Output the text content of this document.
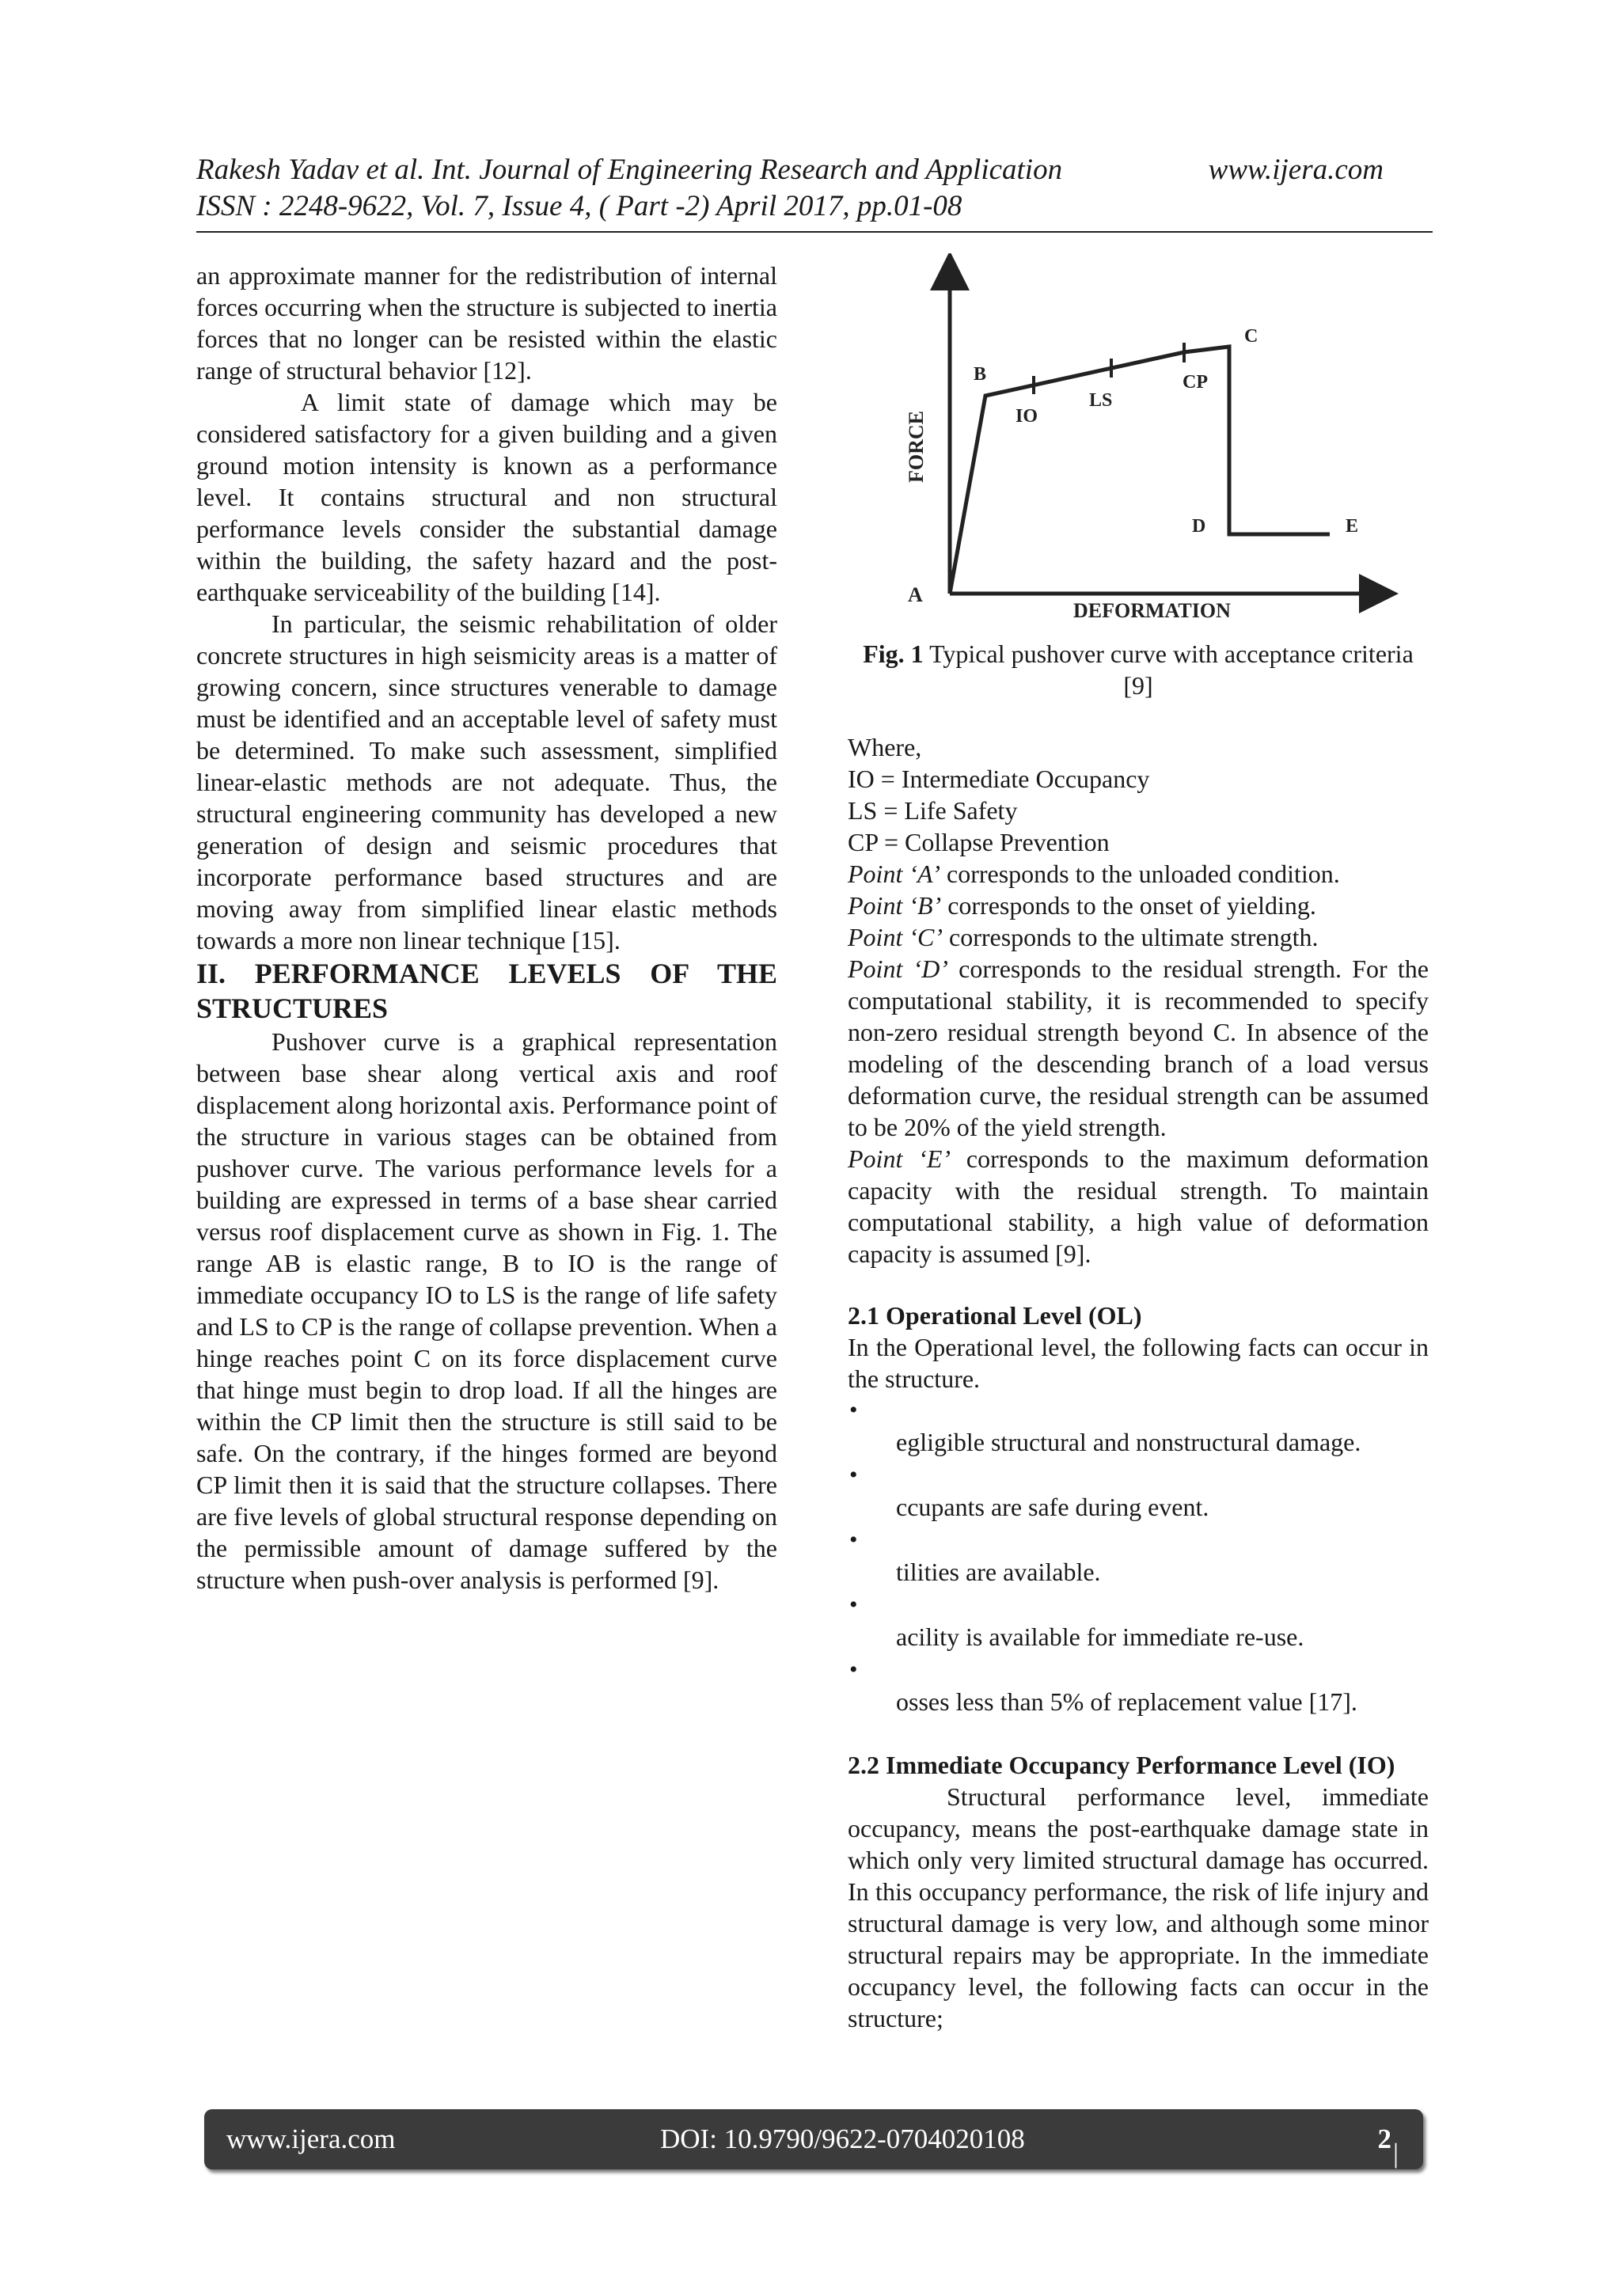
Rakesh Yadav et al. Int. Journal of Engineering Research and Application	www.ijera.com
ISSN : 2248-9622, Vol. 7, Issue 4, ( Part -2) April 2017, pp.01-08

an approximate manner for the redistribution of internal forces occurring when the structure is subjected to inertia forces that no longer can be resisted within the elastic range of structural behavior [12].

A limit state of damage which may be considered satisfactory for a given building and a given ground motion intensity is known as a performance level. It contains structural and non structural performance levels consider the substantial damage within the building, the safety hazard and the post-earthquake serviceability of the building [14].

In particular, the seismic rehabilitation of older concrete structures in high seismicity areas is a matter of growing concern, since structures venerable to damage must be identified and an acceptable level of safety must be determined. To make such assessment, simplified linear-elastic methods are not adequate. Thus, the structural engineering community has developed a new generation of design and seismic procedures that incorporate performance based structures and are moving away from simplified linear elastic methods towards a more non linear technique [15].

II. PERFORMANCE LEVELS OF THE STRUCTURES

Pushover curve is a graphical representation between base shear along vertical axis and roof displacement along horizontal axis. Performance point of the structure in various stages can be obtained from pushover curve. The various performance levels for a building are expressed in terms of a base shear carried versus roof displacement curve as shown in Fig. 1. The range AB is elastic range, B to IO is the range of immediate occupancy IO to LS is the range of life safety and LS to CP is the range of collapse prevention. When a hinge reaches point C on its force displacement curve that hinge must begin to drop load. If all the hinges are within the CP limit then the structure is still said to be safe. On the contrary, if the hinges formed are beyond CP limit then it is said that the structure collapses. There are five levels of global structural response depending on the permissible amount of damage suffered by the structure when push-over analysis is performed [9].

FORCE
DEFORMATION
A
B
C
D	E
IO
LS
CP
Fig. 1 Typical pushover curve with acceptance criteria [9]

Where,

IO = Intermediate Occupancy

LS = Life Safety

CP = Collapse Prevention

Point ‘A’ corresponds to the unloaded condition.

Point ‘B’ corresponds to the onset of yielding.

Point ‘C’ corresponds to the ultimate strength.

Point ‘D’ corresponds to the residual strength. For the computational stability, it is recommended to specify non-zero residual strength beyond C. In absence of the modeling of the descending branch of a load versus deformation curve, the residual strength can be assumed to be 20% of the yield strength.

Point ‘E’ corresponds to the maximum deformation capacity with the residual strength. To maintain computational stability, a high value of deformation capacity is assumed [9].

2.1 Operational Level (OL)

In the Operational level, the following facts can occur in the structure.

•
egligible structural and nonstructural damage.
•
ccupants are safe during event.
•
tilities are available.
•
acility is available for immediate re-use.
•
osses less than 5% of replacement value [17].

2.2 Immediate Occupancy Performance Level (IO)

Structural performance level, immediate occupancy, means the post-earthquake damage state in which only very limited structural damage has occurred. In this occupancy performance, the risk of life injury and structural damage is very low, and although some minor structural repairs may be appropriate. In the immediate occupancy level, the following facts can occur in the structure;

www.ijera.com	DOI: 10.9790/9622-0704020108	2 | P a g e
